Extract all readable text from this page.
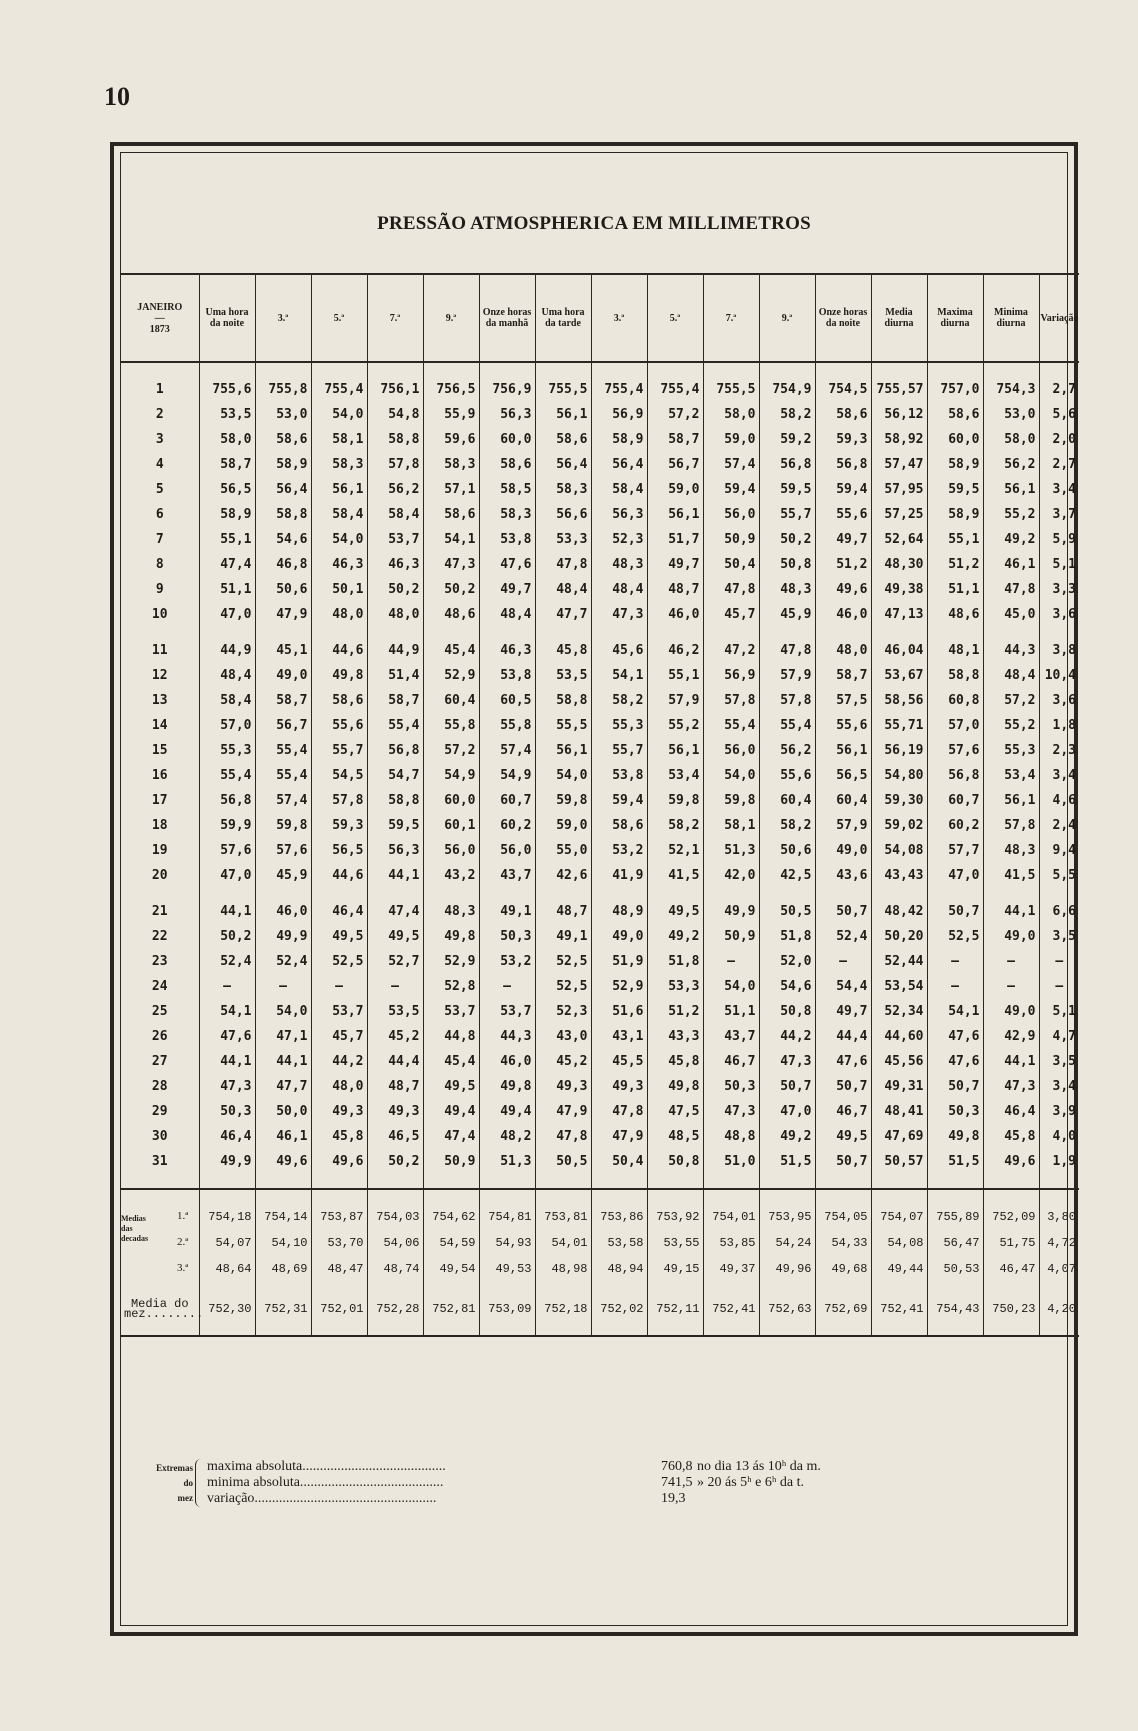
10
PRESSÃO ATMOSPHERICA EM MILLIMETROS
JANEIRO
—
1873	Uma hora da noite	3.ª	5.ª	7.ª	9.ª	Onze horas da manhã	Uma hora da tarde	3.ª	5.ª	7.ª	9.ª	Onze horas da noite	Media diurna	Maxima diurna	Minima diurna	Variação

1	755,6	755,8	755,4	756,1	756,5	756,9	755,5	755,4	755,4	755,5	754,9	754,5	755,57	757,0	754,3	2,7
2	53,5	53,0	54,0	54,8	55,9	56,3	56,1	56,9	57,2	58,0	58,2	58,6	56,12	58,6	53,0	5,6
3	58,0	58,6	58,1	58,8	59,6	60,0	58,6	58,9	58,7	59,0	59,2	59,3	58,92	60,0	58,0	2,0
4	58,7	58,9	58,3	57,8	58,3	58,6	56,4	56,4	56,7	57,4	56,8	56,8	57,47	58,9	56,2	2,7
5	56,5	56,4	56,1	56,2	57,1	58,5	58,3	58,4	59,0	59,4	59,5	59,4	57,95	59,5	56,1	3,4
6	58,9	58,8	58,4	58,4	58,6	58,3	56,6	56,3	56,1	56,0	55,7	55,6	57,25	58,9	55,2	3,7
7	55,1	54,6	54,0	53,7	54,1	53,8	53,3	52,3	51,7	50,9	50,2	49,7	52,64	55,1	49,2	5,9
8	47,4	46,8	46,3	46,3	47,3	47,6	47,8	48,3	49,7	50,4	50,8	51,2	48,30	51,2	46,1	5,1
9	51,1	50,6	50,1	50,2	50,2	49,7	48,4	48,4	48,7	47,8	48,3	49,6	49,38	51,1	47,8	3,3
10	47,0	47,9	48,0	48,0	48,6	48,4	47,7	47,3	46,0	45,7	45,9	46,0	47,13	48,6	45,0	3,6

11	44,9	45,1	44,6	44,9	45,4	46,3	45,8	45,6	46,2	47,2	47,8	48,0	46,04	48,1	44,3	3,8
12	48,4	49,0	49,8	51,4	52,9	53,8	53,5	54,1	55,1	56,9	57,9	58,7	53,67	58,8	48,4	10,4
13	58,4	58,7	58,6	58,7	60,4	60,5	58,8	58,2	57,9	57,8	57,8	57,5	58,56	60,8	57,2	3,6
14	57,0	56,7	55,6	55,4	55,8	55,8	55,5	55,3	55,2	55,4	55,4	55,6	55,71	57,0	55,2	1,8
15	55,3	55,4	55,7	56,8	57,2	57,4	56,1	55,7	56,1	56,0	56,2	56,1	56,19	57,6	55,3	2,3
16	55,4	55,4	54,5	54,7	54,9	54,9	54,0	53,8	53,4	54,0	55,6	56,5	54,80	56,8	53,4	3,4
17	56,8	57,4	57,8	58,8	60,0	60,7	59,8	59,4	59,8	59,8	60,4	60,4	59,30	60,7	56,1	4,6
18	59,9	59,8	59,3	59,5	60,1	60,2	59,0	58,6	58,2	58,1	58,2	57,9	59,02	60,2	57,8	2,4
19	57,6	57,6	56,5	56,3	56,0	56,0	55,0	53,2	52,1	51,3	50,6	49,0	54,08	57,7	48,3	9,4
20	47,0	45,9	44,6	44,1	43,2	43,7	42,6	41,9	41,5	42,0	42,5	43,6	43,43	47,0	41,5	5,5

21	44,1	46,0	46,4	47,4	48,3	49,1	48,7	48,9	49,5	49,9	50,5	50,7	48,42	50,7	44,1	6,6
22	50,2	49,9	49,5	49,5	49,8	50,3	49,1	49,0	49,2	50,9	51,8	52,4	50,20	52,5	49,0	3,5
23	52,4	52,4	52,5	52,7	52,9	53,2	52,5	51,9	51,8	—	52,0	—	52,44	—	—	—
24	—	—	—	—	52,8	—	52,5	52,9	53,3	54,0	54,6	54,4	53,54	—	—	—
25	54,1	54,0	53,7	53,5	53,7	53,7	52,3	51,6	51,2	51,1	50,8	49,7	52,34	54,1	49,0	5,1
26	47,6	47,1	45,7	45,2	44,8	44,3	43,0	43,1	43,3	43,7	44,2	44,4	44,60	47,6	42,9	4,7
27	44,1	44,1	44,2	44,4	45,4	46,0	45,2	45,5	45,8	46,7	47,3	47,6	45,56	47,6	44,1	3,5
28	47,3	47,7	48,0	48,7	49,5	49,8	49,3	49,3	49,8	50,3	50,7	50,7	49,31	50,7	47,3	3,4
29	50,3	50,0	49,3	49,3	49,4	49,4	47,9	47,8	47,5	47,3	47,0	46,7	48,41	50,3	46,4	3,9
30	46,4	46,1	45,8	46,5	47,4	48,2	47,8	47,9	48,5	48,8	49,2	49,5	47,69	49,8	45,8	4,0
31	49,9	49,6	49,6	50,2	50,9	51,3	50,5	50,4	50,8	51,0	51,5	50,7	50,57	51,5	49,6	1,9

1.ª	754,18	754,14	753,87	754,03	754,62	754,81	753,81	753,86	753,92	754,01	753,95	754,05	754,07	755,89	752,09	3,80

Medias
das
decadas 2.ª	54,07	54,10	53,70	54,06	54,59	54,93	54,01	53,58	53,55	53,85	54,24	54,33	54,08	56,47	51,75	4,72

3.ª	48,64	48,69	48,47	48,74	49,54	49,53	48,98	48,94	49,15	49,37	49,96	49,68	49,44	50,53	46,47	4,07

Media do
mez........	752,30	752,31	752,01	752,28	752,81	753,09	752,18	752,02	752,11	752,41	752,63	752,69	752,41	754,43	750,23	4,20

Extremas
do
mez
maxima absoluta.........................................	760,8 no dia 13 ás 10ʰ da m.
minima absoluta.........................................	741,5 » 20 ás 5ʰ e 6ʰ da t.
variação....................................................	19,3
